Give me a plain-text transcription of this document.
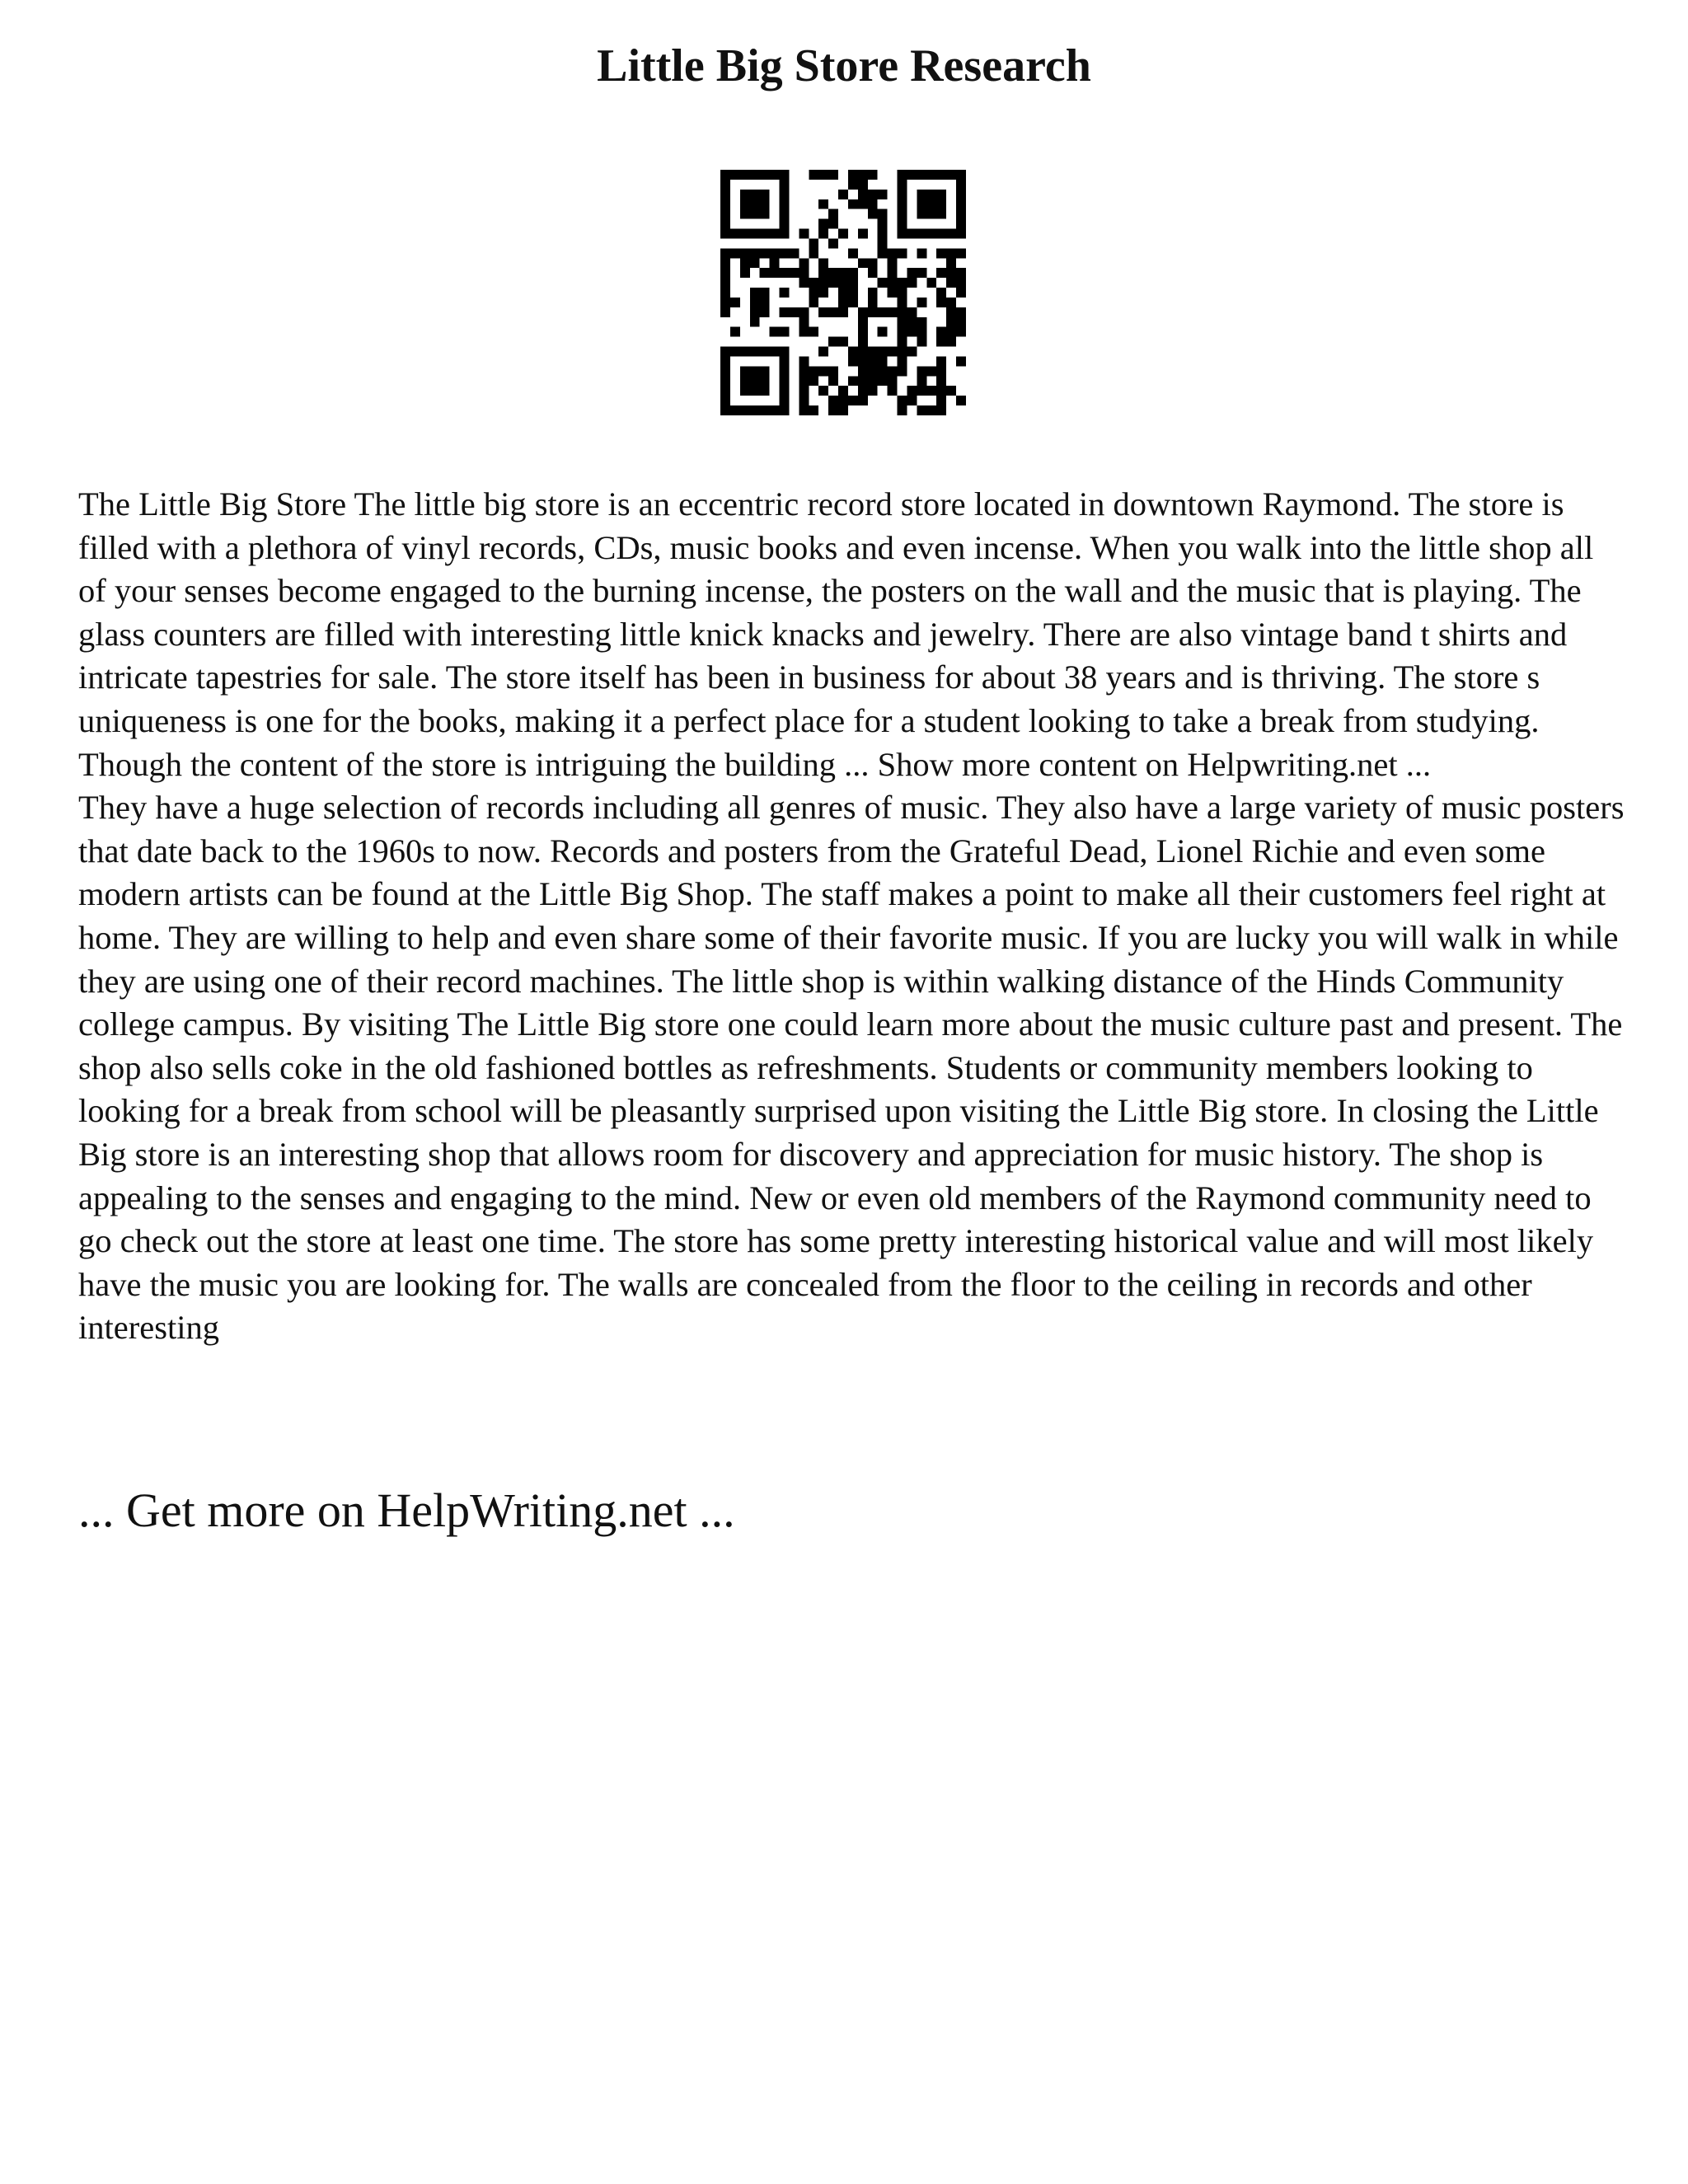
Little Big Store Research

The Little Big Store The little big store is an eccentric record store located in downtown Raymond. The store is filled with a plethora of vinyl records, CDs, music books and even incense. When you walk into the little shop all of your senses become engaged to the burning incense, the posters on the wall and the music that is playing. The glass counters are filled with interesting little knick knacks and jewelry. There are also vintage band t shirts and intricate tapestries for sale. The store itself has been in business for about 38 years and is thriving. The store s uniqueness is one for the books, making it a perfect place for a student looking to take a break from studying. Though the content of the store is intriguing the building ... Show more content on Helpwriting.net ...

They have a huge selection of records including all genres of music. They also have a large variety of music posters that date back to the 1960s to now. Records and posters from the Grateful Dead, Lionel Richie and even some modern artists can be found at the Little Big Shop. The staff makes a point to make all their customers feel right at home. They are willing to help and even share some of their favorite music. If you are lucky you will walk in while they are using one of their record machines. The little shop is within walking distance of the Hinds Community college campus. By visiting The Little Big store one could learn more about the music culture past and present. The shop also sells coke in the old fashioned bottles as refreshments. Students or community members looking to looking for a break from school will be pleasantly surprised upon visiting the Little Big store. In closing the Little Big store is an interesting shop that allows room for discovery and appreciation for music history. The shop is appealing to the senses and engaging to the mind. New or even old members of the Raymond community need to go check out the store at least one time. The store has some pretty interesting historical value and will most likely have the music you are looking for. The walls are concealed from the floor to the ceiling in records and other interesting

... Get more on HelpWriting.net ...
